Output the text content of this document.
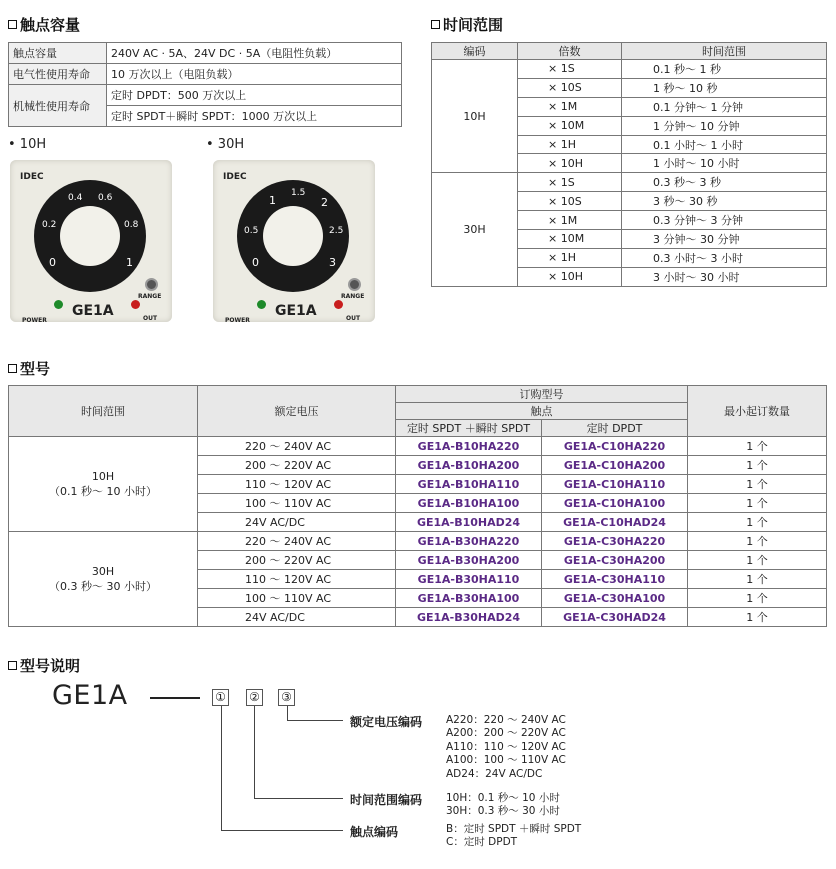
触点容量
触点容量	240V AC · 5A、24V DC · 5A（电阻性负载）
电气性使用寿命	10 万次以上（电阻负载）
机械性使用寿命	定时 DPDT：500 万次以上
	定时 SPDT＋瞬时 SPDT：1000 万次以上
• 10H	• 30H
IDEC
0.4 0.6
0.2	0.8
0	1
RANGE
POWER
GE1A	OUT
IDEC
1
1.5
2
0.5	2.5
0	3
RANGE
POWER
GE1A	OUT
时间范围
编码	倍数	时间范围
10H	× 1S	0.1 秒～ 1 秒
	× 10S	1 秒～ 10 秒
	× 1M	0.1 分钟～ 1 分钟
	× 10M	1 分钟～ 10 分钟
	× 1H	0.1 小时～ 1 小时
	× 10H	1 小时～ 10 小时
30H	× 1S	0.3 秒～ 3 秒
	× 10S	3 秒～ 30 秒
	× 1M	0.3 分钟～ 3 分钟
	× 10M	3 分钟～ 30 分钟
	× 1H	0.3 小时～ 3 小时
	× 10H	3 小时～ 30 小时
型号
时间范围	额定电压	订购型号		最小起订数量
		触点		
		定时 SPDT ＋瞬时 SPDT	定时 DPDT	
10H
（0.1 秒～ 10 小时）	220 ～ 240V AC	GE1A-B10HA220	GE1A-C10HA220	1 个
	200 ～ 220V AC	GE1A-B10HA200	GE1A-C10HA200	1 个
	110 ～ 120V AC	GE1A-B10HA110	GE1A-C10HA110	1 个
	100 ～ 110V AC	GE1A-B10HA100	GE1A-C10HA100	1 个
	24V AC/DC	GE1A-B10HAD24	GE1A-C10HAD24	1 个
30H
（0.3 秒～ 30 小时）	220 ～ 240V AC	GE1A-B30HA220	GE1A-C30HA220	1 个
	200 ～ 220V AC	GE1A-B30HA200	GE1A-C30HA200	1 个
	110 ～ 120V AC	GE1A-B30HA110	GE1A-C30HA110	1 个
	100 ～ 110V AC	GE1A-B30HA100	GE1A-C30HA100	1 个
	24V AC/DC	GE1A-B30HAD24	GE1A-C30HAD24	1 个
型号说明
GE1A	① ② ③
额定电压编码 A220：220 ～ 240V AC
A200：200 ～ 220V AC
A110：110 ～ 120V AC
A100：100 ～ 110V AC
AD24：24V AC/DC
时间范围编码 10H：0.1 秒～ 10 小时
30H：0.3 秒～ 30 小时
触点编码	B：定时 SPDT ＋瞬时 SPDT
C：定时 DPDT
